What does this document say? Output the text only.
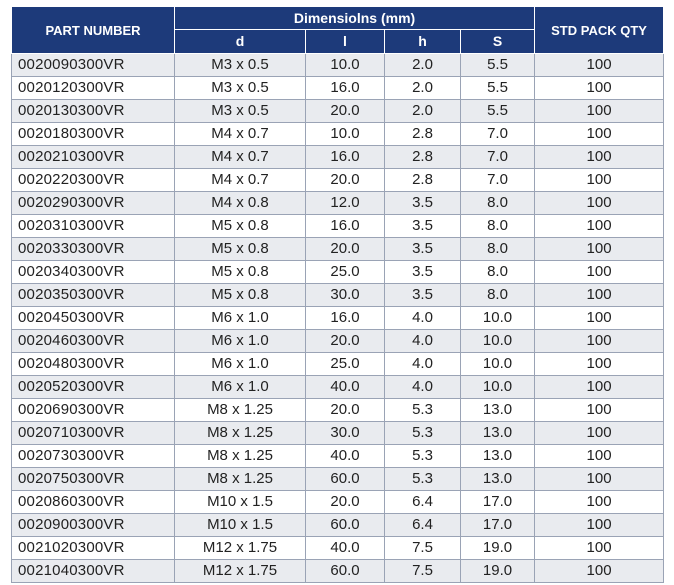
PART NUMBER	Dimensiolns (mm)				STD PACK QTY
	d	l	h	S	
0020090300VR	M3 x 0.5	10.0	2.0	5.5	100
0020120300VR	M3 x 0.5	16.0	2.0	5.5	100
0020130300VR	M3 x 0.5	20.0	2.0	5.5	100
0020180300VR	M4 x 0.7	10.0	2.8	7.0	100
0020210300VR	M4 x 0.7	16.0	2.8	7.0	100
0020220300VR	M4 x 0.7	20.0	2.8	7.0	100
0020290300VR	M4 x 0.8	12.0	3.5	8.0	100
0020310300VR	M5 x 0.8	16.0	3.5	8.0	100
0020330300VR	M5 x 0.8	20.0	3.5	8.0	100
0020340300VR	M5 x 0.8	25.0	3.5	8.0	100
0020350300VR	M5 x 0.8	30.0	3.5	8.0	100
0020450300VR	M6 x 1.0	16.0	4.0	10.0	100
0020460300VR	M6 x 1.0	20.0	4.0	10.0	100
0020480300VR	M6 x 1.0	25.0	4.0	10.0	100
0020520300VR	M6 x 1.0	40.0	4.0	10.0	100
0020690300VR	M8 x 1.25	20.0	5.3	13.0	100
0020710300VR	M8 x 1.25	30.0	5.3	13.0	100
0020730300VR	M8 x 1.25	40.0	5.3	13.0	100
0020750300VR	M8 x 1.25	60.0	5.3	13.0	100
0020860300VR	M10 x 1.5	20.0	6.4	17.0	100
0020900300VR	M10 x 1.5	60.0	6.4	17.0	100
0021020300VR	M12 x 1.75	40.0	7.5	19.0	100
0021040300VR	M12 x 1.75	60.0	7.5	19.0	100
